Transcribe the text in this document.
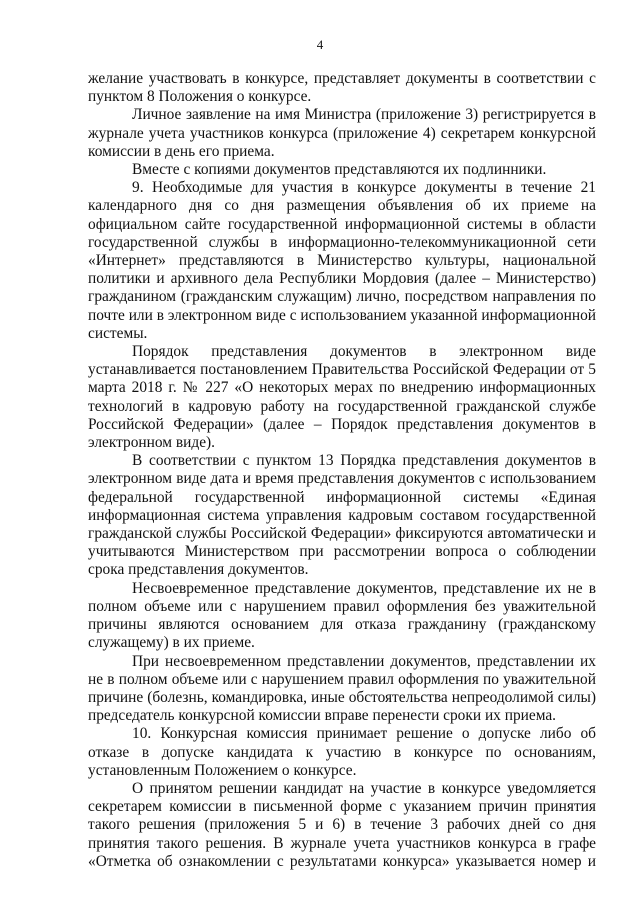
4

желание участвовать в конкурсе, представляет документы в соответствии с пунктом 8 Положения о конкурсе.

Личное заявление на имя Министра (приложение 3) регистрируется в журнале учета участников конкурса (приложение 4) секретарем конкурсной комиссии в день его приема.

Вместе с копиями документов представляются их подлинники.

9. Необходимые для участия в конкурсе документы в течение 21 календарного дня со дня размещения объявления об их приеме на официальном сайте государственной информационной системы в области государственной службы в информационно-телекоммуникационной сети «Интернет» представляются в Министерство культуры, национальной политики и архивного дела Республики Мордовия (далее – Министерство) гражданином (гражданским служащим) лично, посредством направления по почте или в электронном виде с использованием указанной информационной системы.

Порядок представления документов в электронном виде устанавливается постановлением Правительства Российской Федерации от 5 марта 2018 г. № 227 «О некоторых мерах по внедрению информационных технологий в кадровую работу на государственной гражданской службе Российской Федерации» (далее – Порядок представления документов в электронном виде).

В соответствии с пунктом 13 Порядка представления документов в электронном виде дата и время представления документов с использованием федеральной государственной информационной системы «Единая информационная система управления кадровым составом государственной гражданской службы Российской Федерации» фиксируются автоматически и учитываются Министерством при рассмотрении вопроса о соблюдении срока представления документов.

Несвоевременное представление документов, представление их не в полном объеме или с нарушением правил оформления без уважительной причины являются основанием для отказа гражданину (гражданскому служащему) в их приеме.

При несвоевременном представлении документов, представлении их не в полном объеме или с нарушением правил оформления по уважительной причине (болезнь, командировка, иные обстоятельства непреодолимой силы) председатель конкурсной комиссии вправе перенести сроки их приема.

10. Конкурсная комиссия принимает решение о допуске либо об отказе в допуске кандидата к участию в конкурсе по основаниям, установленным Положением о конкурсе.

О принятом решении кандидат на участие в конкурсе уведомляется секретарем комиссии в письменной форме с указанием причин принятия такого решения (приложения 5 и 6) в течение 3 рабочих дней со дня принятия такого решения. В журнале учета участников конкурса в графе «Отметка об ознакомлении с результатами конкурса» указывается номер и
